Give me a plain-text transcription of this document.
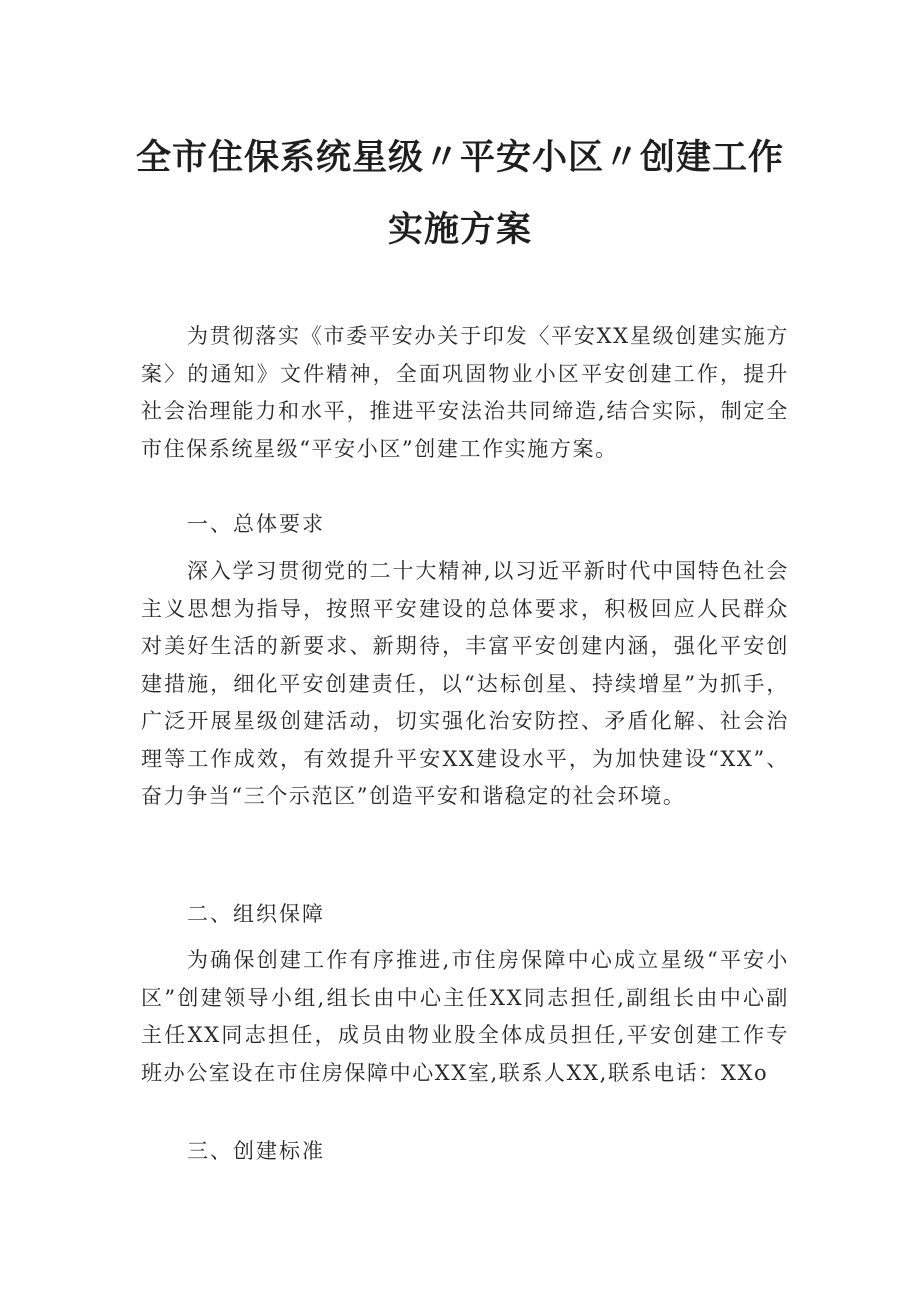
全市住保系统星级〃平安小区〃创建工作
实施方案

为贯彻落实《市委平安办关于印发〈平安XX星级创建实施方案〉的通知》文件精神，全面巩固物业小区平安创建工作，提升社会治理能力和水平，推进平安法治共同缔造,结合实际，制定全市住保系统星级“平安小区”创建工作实施方案。

一、总体要求

深入学习贯彻党的二十大精神,以习近平新时代中国特色社会主义思想为指导，按照平安建设的总体要求，积极回应人民群众对美好生活的新要求、新期待，丰富平安创建内涵，强化平安创建措施，细化平安创建责任，以“达标创星、持续增星”为抓手，广泛开展星级创建活动，切实强化治安防控、矛盾化解、社会治理等工作成效，有效提升平安XX建设水平，为加快建设“XX”、奋力争当“三个示范区”创造平安和谐稳定的社会环境。

二、组织保障

为确保创建工作有序推进,市住房保障中心成立星级“平安小区”创建领导小组,组长由中心主任XX同志担任,副组长由中心副主任XX同志担任，成员由物业股全体成员担任,平安创建工作专班办公室设在市住房保障中心XX室,联系人XX,联系电话：XXo

三、创建标准
